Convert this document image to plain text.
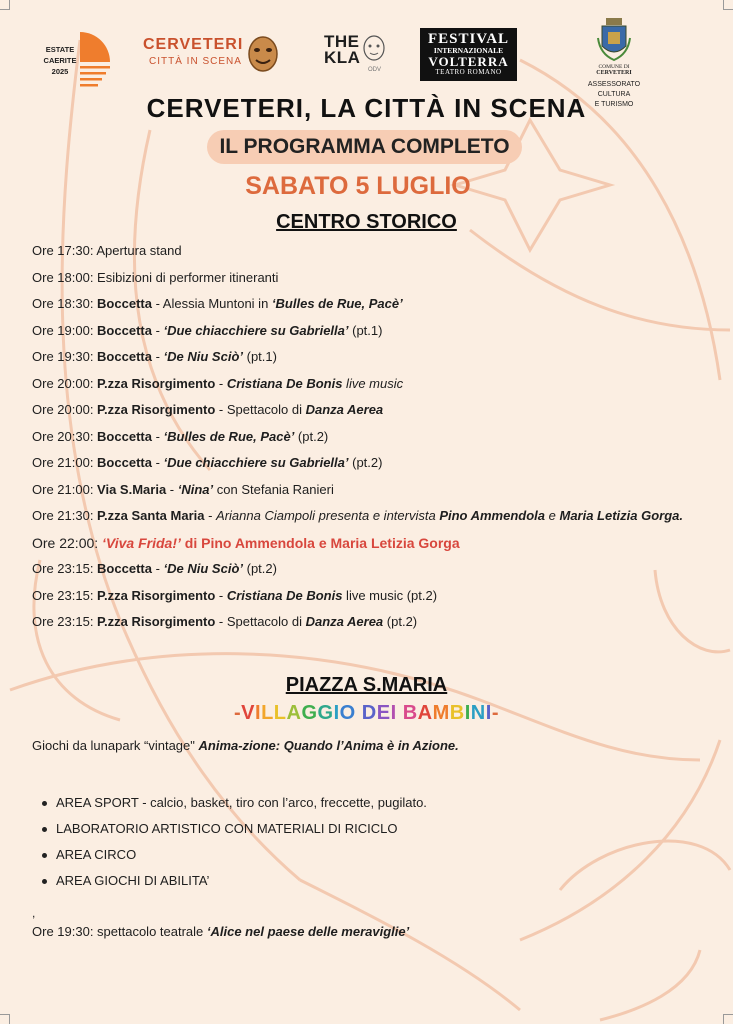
ESTATE
CAERITE
2025
CERVETERI
CITTÀ IN SCENA
THE
KLA
ODV
FESTIVAL
INTERNAZIONALE
VOLTERRA
TEATRO ROMANO
COMUNE DI
CERVETERI
ASSESSORATO CULTURA
E TURISMO
CERVETERI, LA CITTÀ IN SCENA
IL PROGRAMMA COMPLETO
SABATO 5 LUGLIO
CENTRO STORICO
Ore 17:30: Apertura stand
Ore 18:00: Esibizioni di performer itineranti
Ore 18:30: Boccetta - Alessia Muntoni in ‘Bulles de Rue, Pacè’
Ore 19:00: Boccetta - ‘Due chiacchiere su Gabriella’ (pt.1)
Ore 19:30: Boccetta - ‘De Niu Sciò’ (pt.1)
Ore 20:00: P.zza Risorgimento - Cristiana De Bonis live music
Ore 20:00: P.zza Risorgimento - Spettacolo di Danza Aerea
Ore 20:30: Boccetta - ‘Bulles de Rue, Pacè’ (pt.2)
Ore 21:00: Boccetta - ‘Due chiacchiere su Gabriella’ (pt.2)
Ore 21:00: Via S.Maria - ‘Nina’ con Stefania Ranieri
Ore 21:30: P.zza Santa Maria - Arianna Ciampoli presenta e intervista Pino Ammendola e Maria Letizia Gorga.
Ore 22:00: ‘Viva Frida!’ di Pino Ammendola e Maria Letizia Gorga
Ore 23:15: Boccetta - ‘De Niu Sciò’ (pt.2)
Ore 23:15: P.zza Risorgimento - Cristiana De Bonis live music (pt.2)
Ore 23:15: P.zza Risorgimento - Spettacolo di Danza Aerea (pt.2)
PIAZZA S.MARIA
-VILLAGGIO DEI BAMBINI-
Giochi da lunapark “vintage" Anima-zione: Quando l’Anima è in Azione.
AREA SPORT - calcio, basket, tiro con l’arco, freccette, pugilato.
LABORATORIO ARTISTICO CON MATERIALI DI RICICLO
AREA CIRCO
AREA GIOCHI DI ABILITA’
,
Ore 19:30: spettacolo teatrale ‘Alice nel paese delle meraviglie’
